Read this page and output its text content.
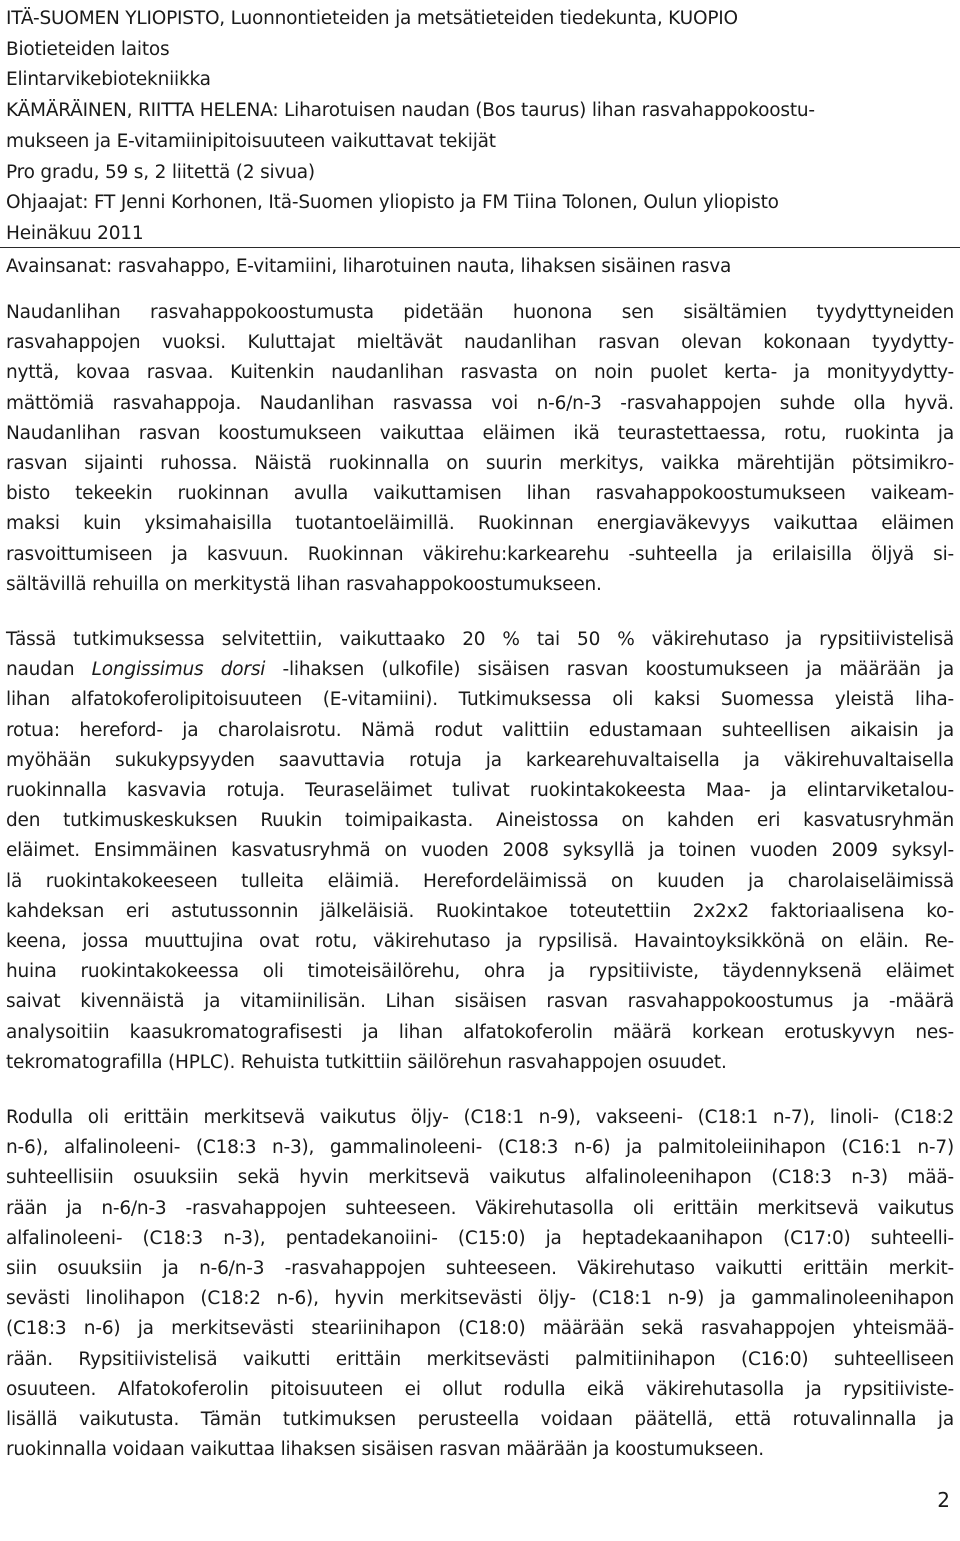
ITÄ-SUOMEN YLIOPISTO, Luonnontieteiden ja metsätieteiden tiedekunta, KUOPIO
Biotieteiden laitos
Elintarvikebiotekniikka
KÄMÄRÄINEN, RIITTA HELENA: Liharotuisen naudan (Bos taurus) lihan rasvahappokoostu-
mukseen ja E-vitamiinipitoisuuteen vaikuttavat tekijät
Pro gradu, 59 s, 2 liitettä (2 sivua)
Ohjaajat: FT Jenni Korhonen, Itä-Suomen yliopisto ja FM Tiina Tolonen, Oulun yliopisto
Heinäkuu 2011
Avainsanat: rasvahappo, E-vitamiini, liharotuinen nauta, lihaksen sisäinen rasva
Naudanlihan rasvahappokoostumusta pidetään huonona sen sisältämien tyydyttyneiden
rasvahappojen vuoksi. Kuluttajat mieltävät naudanlihan rasvan olevan kokonaan tyydytty-
nyttä, kovaa rasvaa. Kuitenkin naudanlihan rasvasta on noin puolet kerta- ja monityydytty-
mättömiä rasvahappoja. Naudanlihan rasvassa voi n-6/n-3 -rasvahappojen suhde olla hyvä.
Naudanlihan rasvan koostumukseen vaikuttaa eläimen ikä teurastettaessa, rotu, ruokinta ja
rasvan sijainti ruhossa. Näistä ruokinnalla on suurin merkitys, vaikka märehtijän pötsimikro-
bisto tekeekin ruokinnan avulla vaikuttamisen lihan rasvahappokoostumukseen vaikeam-
maksi kuin yksimahaisilla tuotantoeläimillä. Ruokinnan energiaväkevyys vaikuttaa eläimen
rasvoittumiseen ja kasvuun. Ruokinnan väkirehu:karkearehu -suhteella ja erilaisilla öljyä si-
sältävillä rehuilla on merkitystä lihan rasvahappokoostumukseen.
Tässä tutkimuksessa selvitettiin, vaikuttaako 20 % tai 50 % väkirehutaso ja rypsitiivistelisä
naudan Longissimus dorsi -lihaksen (ulkofile) sisäisen rasvan koostumukseen ja määrään ja
lihan alfatokoferolipitoisuuteen (E-vitamiini). Tutkimuksessa oli kaksi Suomessa yleistä liha-
rotua: hereford- ja charolaisrotu. Nämä rodut valittiin edustamaan suhteellisen aikaisin ja
myöhään sukukypsyyden saavuttavia rotuja ja karkearehuvaltaisella ja väkirehuvaltaisella
ruokinnalla kasvavia rotuja. Teuraseläimet tulivat ruokintakokeesta Maa- ja elintarviketalou-
den tutkimuskeskuksen Ruukin toimipaikasta. Aineistossa on kahden eri kasvatusryhmän
eläimet. Ensimmäinen kasvatusryhmä on vuoden 2008 syksyllä ja toinen vuoden 2009 syksyl-
lä ruokintakokeeseen tulleita eläimiä. Herefordeläimissä on kuuden ja charolaiseläimissä
kahdeksan eri astutussonnin jälkeläisiä. Ruokintakoe toteutettiin 2x2x2 faktoriaalisena ko-
keena, jossa muuttujina ovat rotu, väkirehutaso ja rypsilisä. Havaintoyksikkönä on eläin. Re-
huina ruokintakokeessa oli timoteisäilörehu, ohra ja rypsitiiviste, täydennyksenä eläimet
saivat kivennäistä ja vitamiinilisän. Lihan sisäisen rasvan rasvahappokoostumus ja -määrä
analysoitiin kaasukromatografisesti ja lihan alfatokoferolin määrä korkean erotuskyvyn nes-
tekromatografilla (HPLC). Rehuista tutkittiin säilörehun rasvahappojen osuudet.
Rodulla oli erittäin merkitsevä vaikutus öljy- (C18:1 n-9), vakseeni- (C18:1 n-7), linoli- (C18:2
n-6), alfalinoleeni- (C18:3 n-3), gammalinoleeni- (C18:3 n-6) ja palmitoleiinihapon (C16:1 n-7)
suhteellisiin osuuksiin sekä hyvin merkitsevä vaikutus alfalinoleenihapon (C18:3 n-3) mää-
rään ja n-6/n-3 -rasvahappojen suhteeseen. Väkirehutasolla oli erittäin merkitsevä vaikutus
alfalinoleeni- (C18:3 n-3), pentadekanoiini- (C15:0) ja heptadekaanihapon (C17:0) suhteelli-
siin osuuksiin ja n-6/n-3 -rasvahappojen suhteeseen. Väkirehutaso vaikutti erittäin merkit-
sevästi linolihapon (C18:2 n-6), hyvin merkitsevästi öljy- (C18:1 n-9) ja gammalinoleenihapon
(C18:3 n-6) ja merkitsevästi steariinihapon (C18:0) määrään sekä rasvahappojen yhteismää-
rään. Rypsitiivistelisä vaikutti erittäin merkitsevästi palmitiinihapon (C16:0) suhteelliseen
osuuteen. Alfatokoferolin pitoisuuteen ei ollut rodulla eikä väkirehutasolla ja rypsitiiviste-
lisällä vaikutusta. Tämän tutkimuksen perusteella voidaan päätellä, että rotuvalinnalla ja
ruokinnalla voidaan vaikuttaa lihaksen sisäisen rasvan määrään ja koostumukseen.
2
